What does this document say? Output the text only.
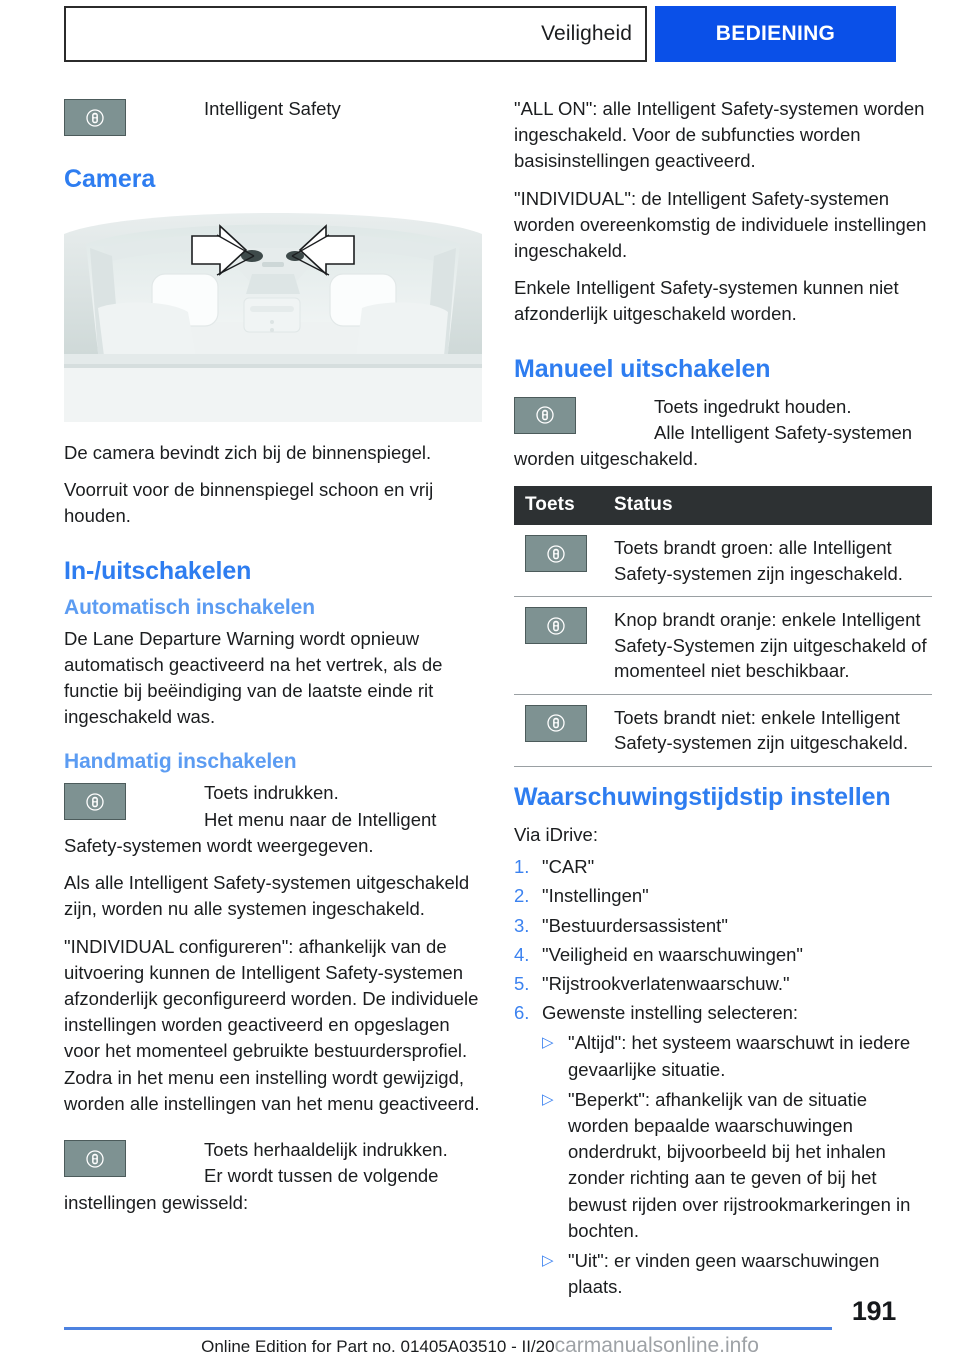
Veiligheid	BEDIENING
Intelligent Safety
Camera

De camera bevindt zich bij de binnenspiegel.

Voorruit voor de binnenspiegel schoon en vrij houden.

In-/uitschakelen
Automatisch inschakelen

De Lane Departure Warning wordt opnieuw automatisch geactiveerd na het vertrek, als de functie bij beëindiging van de laatste einde rit ingeschakeld was.

Handmatig inschakelen
Toets indrukken.

Het menu naar de Intelligent Safety-systemen wordt weergegeven.

Als alle Intelligent Safety-systemen uitgeschakeld zijn, worden nu alle systemen ingeschakeld.

"INDIVIDUAL configureren": afhankelijk van de uitvoering kunnen de Intelligent Safety-systemen afzonderlijk geconfigureerd worden. De individuele instellingen worden geactiveerd en opgeslagen voor het momenteel gebruikte bestuurdersprofiel. Zodra in het menu een instelling wordt gewijzigd, worden alle instellingen van het menu geactiveerd.

Toets herhaaldelijk indrukken.

Er wordt tussen de volgende instellingen gewisseld:

"ALL ON": alle Intelligent Safety-systemen worden ingeschakeld. Voor de subfuncties worden basisinstellingen geactiveerd.

"INDIVIDUAL": de Intelligent Safety-systemen worden overeenkomstig de individuele instellingen ingeschakeld.

Enkele Intelligent Safety-systemen kunnen niet afzonderlijk uitgeschakeld worden.

Manueel uitschakelen
Toets ingedrukt houden.

Alle Intelligent Safety-systemen worden uitgeschakeld.

Toets	Status

	Toets brandt groen: alle Intelligent Safety-systemen zijn ingeschakeld.

	Knop brandt oranje: enkele Intelligent Safety-Systemen zijn uitgeschakeld of momenteel niet beschikbaar.

	Toets brandt niet: enkele Intelligent Safety-systemen zijn uitgeschakeld.
Waarschuwingstijdstip instellen

Via iDrive:

1. "CAR"
2. "Instellingen"
3. "Bestuurdersassistent"
4. "Veiligheid en waarschuwingen"
5. "Rijstrookverlatenwaarschuw."
6. Gewenste instelling selecteren:
▷ "Altijd": het systeem waarschuwt in iedere gevaarlijke situatie.
▷ "Beperkt": afhankelijk van de situatie worden bepaalde waarschuwingen onderdrukt, bijvoorbeeld bij het inhalen zonder richting aan te geven of bij het bewust rijden over rijstrookmarkeringen in bochten.
▷ "Uit": er vinden geen waarschuwingen plaats.
191
Online Edition for Part no. 01405A03510 - II/20carmanualsonline.info
